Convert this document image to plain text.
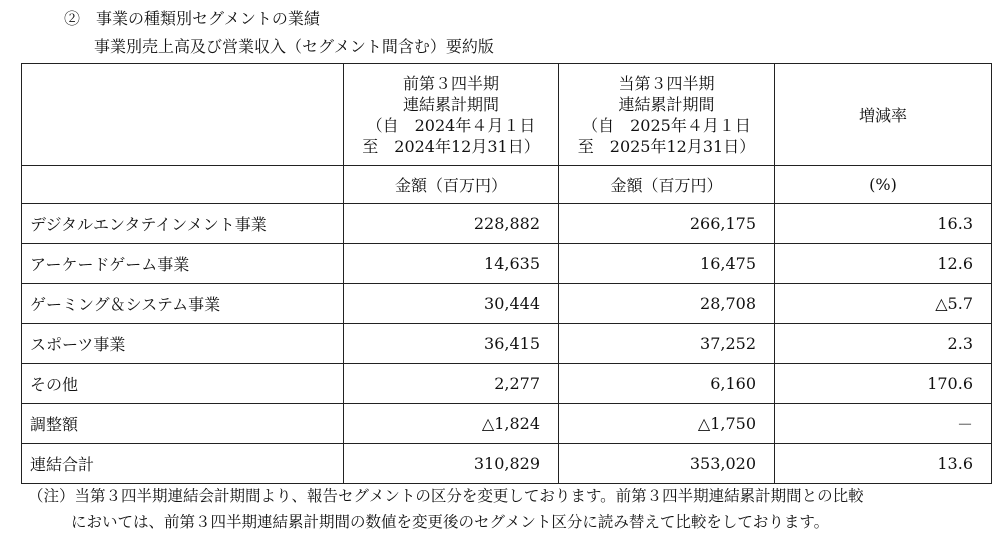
②　事業の種類別セグメントの業績
事業別売上高及び営業収入（セグメント間含む）要約版

	前第３四半期
連結累計期間
（自　2024年４月１日
至　2024年12月31日）	当第３四半期
連結累計期間
（自　2025年４月１日
至　2025年12月31日）	増減率
	金額（百万円）	金額（百万円）	(%)
デジタルエンタテインメント事業	228,882	266,175	16.3
アーケードゲーム事業	14,635	16,475	12.6
ゲーミング＆システム事業	30,444	28,708	△5.7
スポーツ事業	36,415	37,252	2.3
その他	2,277	6,160	170.6
調整額	△1,824	△1,750	－
連結合計	310,829	353,020	13.6
（注）当第３四半期連結会計期間より、報告セグメントの区分を変更しております。前第３四半期連結累計期間との比較
においては、前第３四半期連結累計期間の数値を変更後のセグメント区分に読み替えて比較をしております。
